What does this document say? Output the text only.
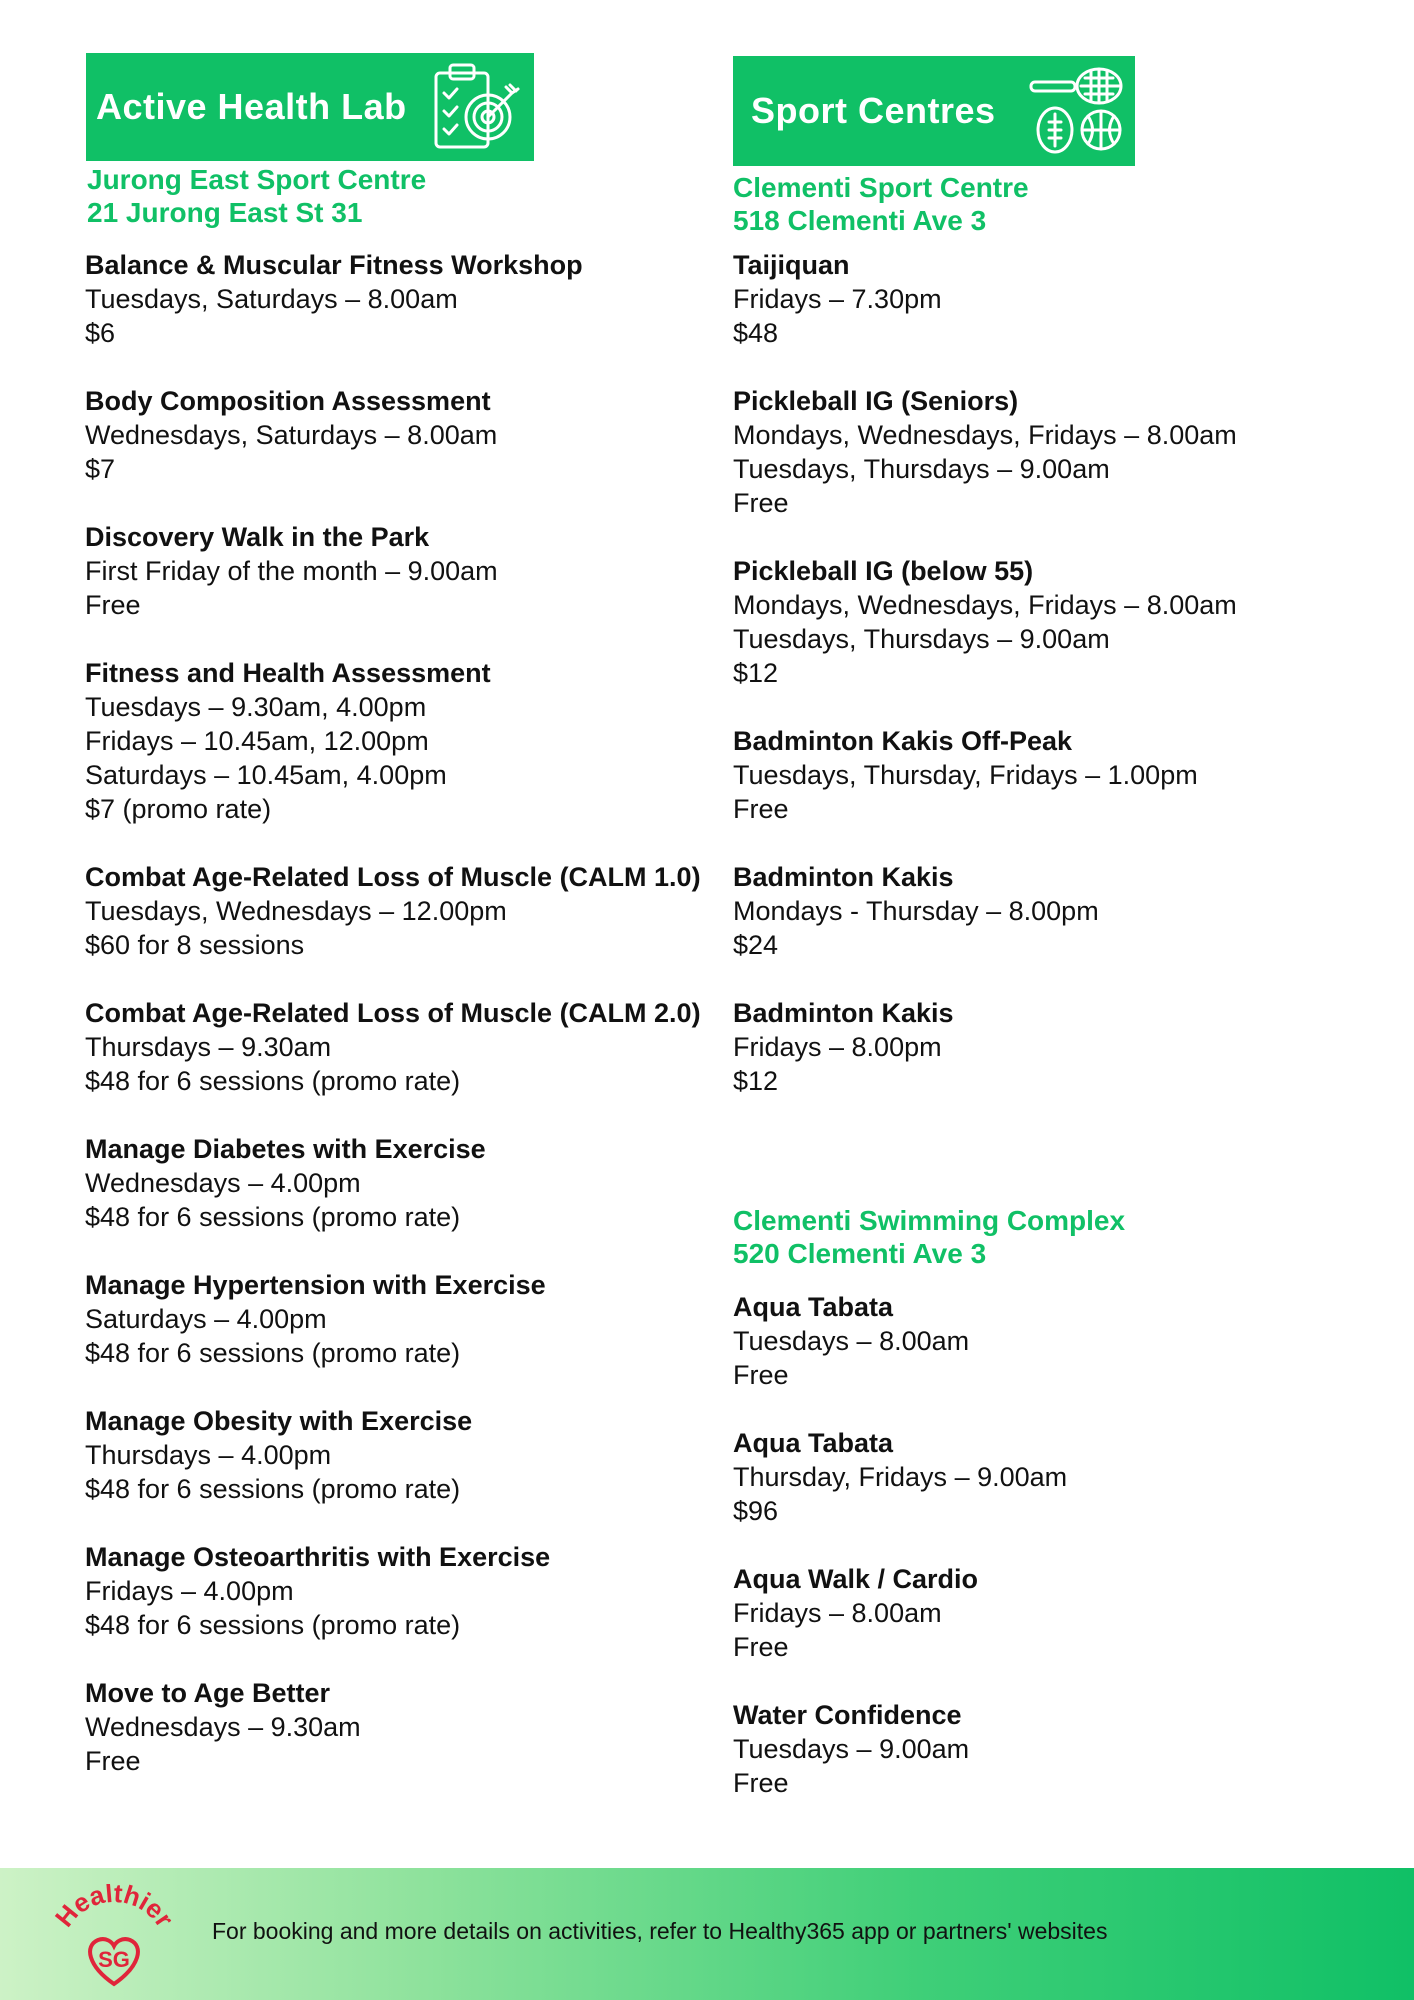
Active Health Lab	Sport Centres
Jurong East Sport Centre
21 Jurong East St 31
Balance & Muscular Fitness Workshop
Tuesdays, Saturdays – 8.00am
$6
Body Composition Assessment
Wednesdays, Saturdays – 8.00am
$7
Discovery Walk in the Park
First Friday of the month – 9.00am
Free
Fitness and Health Assessment
Tuesdays – 9.30am, 4.00pm
Fridays – 10.45am, 12.00pm
Saturdays – 10.45am, 4.00pm
$7 (promo rate)
Combat Age-Related Loss of Muscle (CALM 1.0)
Tuesdays, Wednesdays – 12.00pm
$60 for 8 sessions
Combat Age-Related Loss of Muscle (CALM 2.0)
Thursdays – 9.30am
$48 for 6 sessions (promo rate)
Manage Diabetes with Exercise
Wednesdays – 4.00pm
$48 for 6 sessions (promo rate)
Manage Hypertension with Exercise
Saturdays – 4.00pm
$48 for 6 sessions (promo rate)
Manage Obesity with Exercise
Thursdays – 4.00pm
$48 for 6 sessions (promo rate)
Manage Osteoarthritis with Exercise
Fridays – 4.00pm
$48 for 6 sessions (promo rate)
Move to Age Better
Wednesdays – 9.30am
Free
Clementi Sport Centre
518 Clementi Ave 3
Taijiquan
Fridays – 7.30pm
$48
Pickleball IG (Seniors)
Mondays, Wednesdays, Fridays – 8.00am
Tuesdays, Thursdays – 9.00am
Free
Pickleball IG (below 55)
Mondays, Wednesdays, Fridays – 8.00am
Tuesdays, Thursdays – 9.00am
$12
Badminton Kakis Off-Peak
Tuesdays, Thursday, Fridays – 1.00pm
Free
Badminton Kakis
Mondays - Thursday – 8.00pm
$24
Badminton Kakis
Fridays – 8.00pm
$12
Clementi Swimming Complex
520 Clementi Ave 3
Aqua Tabata
Tuesdays – 8.00am
Free
Aqua Tabata
Thursday, Fridays – 9.00am
$96
Aqua Walk / Cardio
Fridays – 8.00am
Free
Water Confidence
Tuesdays – 9.00am
Free
Healthier
SG
For booking and more details on activities, refer to Healthy365 app or partners' websites
